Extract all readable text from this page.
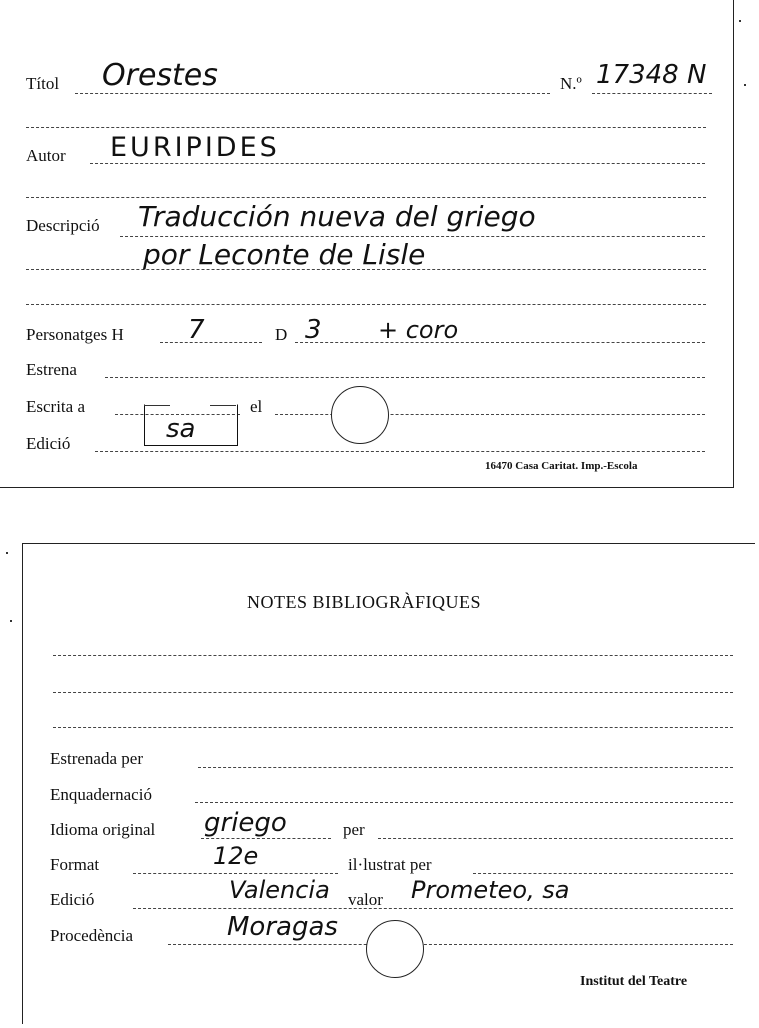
Títol Orestes	N.º 17348 N
Autor EURIPIDES
Descripció Traducción nueva del griego
por Leconte de Lisle
Personatges H 7	D 3 + coro
Estrena
Escrita a	el
Edició	sa
16470 Casa Caritat. Imp.-Escola
NOTES BIBLIOGRÀFIQUES
Estrenada per
Enquadernació
Idioma original griego	per
Format	12e	il·lustrat per
Edició	Valencia valor Prometeo, sa
Procedència	Moragas
Institut del Teatre
